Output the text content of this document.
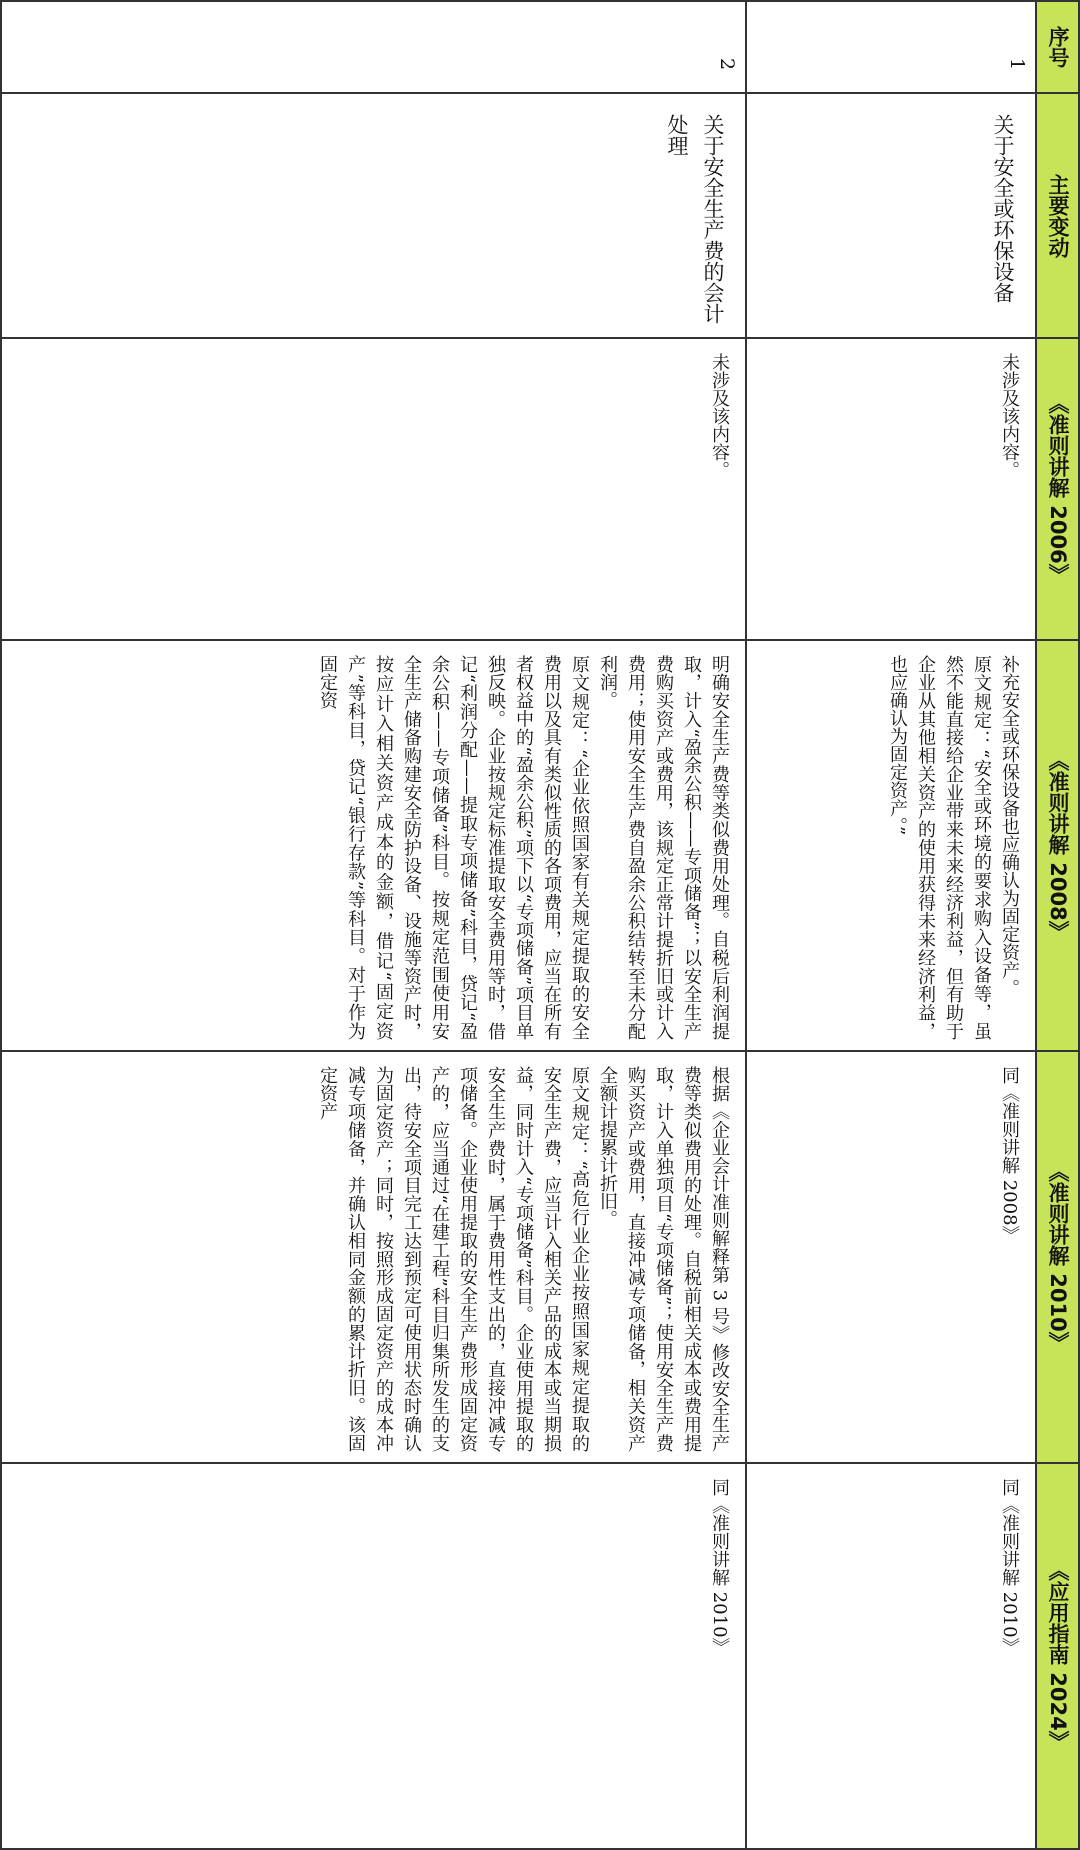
序号
主要变动
《准则讲解 2006》
《准则讲解 2008》
《准则讲解 2010》
《应用指南 2024》
1
关于安全或环保设备
未涉及该内容。

补充安全或环保设备也应确认为固定资产。

原文规定：“安全或环境的要求购入设备等，虽然不能直接给企业带来未来经济利益，但有助于企业从其他相关资产的使用获得未来经济利益，也应确认为固定资产。”

同《准则讲解 2008》
同《准则讲解 2010》
2
关于安全生产费的会计处理
未涉及该内容。

明确安全生产费等类似费用处理。自税后利润提取，计入“盈余公积——专项储备”；以安全生产费购买资产或费用，该规定正常计提折旧或计入费用；使用安全生产费自盈余公积结转至未分配利润。

原文规定：“企业依照国家有关规定提取的安全费用以及具有类似性质的各项费用，应当在所有者权益中的“盈余公积”项下以“专项储备”项目单独反映。企业按规定标准提取安全费用等时，借记“利润分配——提取专项储备”科目，贷记“盈余公积——专项储备”科目。按规定范围使用安全生产储备购建安全防护设备、设施等资产时，按应计入相关资产成本的金额，借记“固定资产”等科目，贷记“银行存款”等科目。对于作为固定资

根据《企业会计准则解释第 3 号》修改安全生产费等类似费用的处理。自税前相关成本或费用提取，计入单独项目“专项储备”；使用安全生产费购买资产或费用，直接冲减专项储备，相关资产全额计提累计折旧。

原文规定：“高危行业企业按照国家规定提取的安全生产费，应当计入相关产品的成本或当期损益，同时计入“专项储备”科目。企业使用提取的安全生产费时，属于费用性支出的，直接冲减专项储备。企业使用提取的安全生产费形成固定资产的，应当通过“在建工程”科目归集所发生的支出，待安全项目完工达到预定可使用状态时确认为固定资产；同时，按照形成固定资产的成本冲减专项储备，并确认相同金额的累计折旧。该固定资产

同《准则讲解 2010》
